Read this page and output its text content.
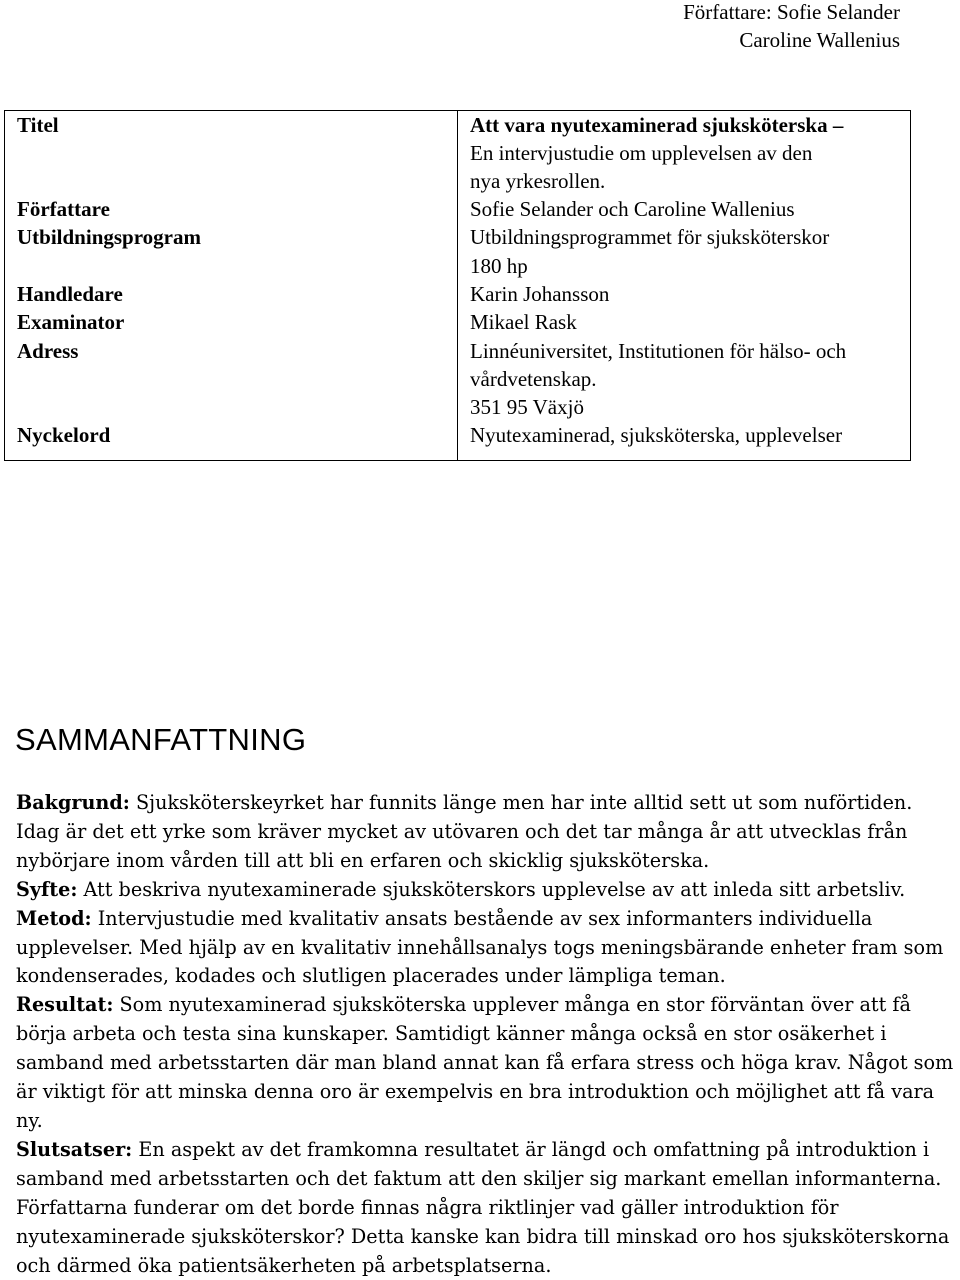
Författare: Sofie Selander
Caroline Wallenius
Titel
Författare
Utbildningsprogram
Handledare
Examinator
Adress
Nyckelord
Att vara nyutexaminerad sjuksköterska –
En intervjustudie om upplevelsen av den
nya yrkesrollen.
Sofie Selander och Caroline Wallenius
Utbildningsprogrammet för sjuksköterskor
180 hp
Karin Johansson
Mikael Rask
Linnéuniversitet, Institutionen för hälso- och
vårdvetenskap.
351 95 Växjö
Nyutexaminerad, sjuksköterska, upplevelser
SAMMANFATTNING

Bakgrund: Sjuksköterskeyrket har funnits länge men har inte alltid sett ut som nuförtiden. Idag är det ett yrke som kräver mycket av utövaren och det tar många år att utvecklas från nybörjare inom vården till att bli en erfaren och skicklig sjuksköterska.

Syfte: Att beskriva nyutexaminerade sjuksköterskors upplevelse av att inleda sitt arbetsliv.

Metod: Intervjustudie med kvalitativ ansats bestående av sex informanters individuella upplevelser. Med hjälp av en kvalitativ innehållsanalys togs meningsbärande enheter fram som kondenserades, kodades och slutligen placerades under lämpliga teman.

Resultat: Som nyutexaminerad sjuksköterska upplever många en stor förväntan över att få börja arbeta och testa sina kunskaper. Samtidigt känner många också en stor osäkerhet i samband med arbetsstarten där man bland annat kan få erfara stress och höga krav. Något som är viktigt för att minska denna oro är exempelvis en bra introduktion och möjlighet att få vara ny.

Slutsatser: En aspekt av det framkomna resultatet är längd och omfattning på introduktion i samband med arbetsstarten och det faktum att den skiljer sig markant emellan informanterna. Författarna funderar om det borde finnas några riktlinjer vad gäller introduktion för nyutexaminerade sjuksköterskor? Detta kanske kan bidra till minskad oro hos sjuksköterskorna och därmed öka patientsäkerheten på arbetsplatserna.
